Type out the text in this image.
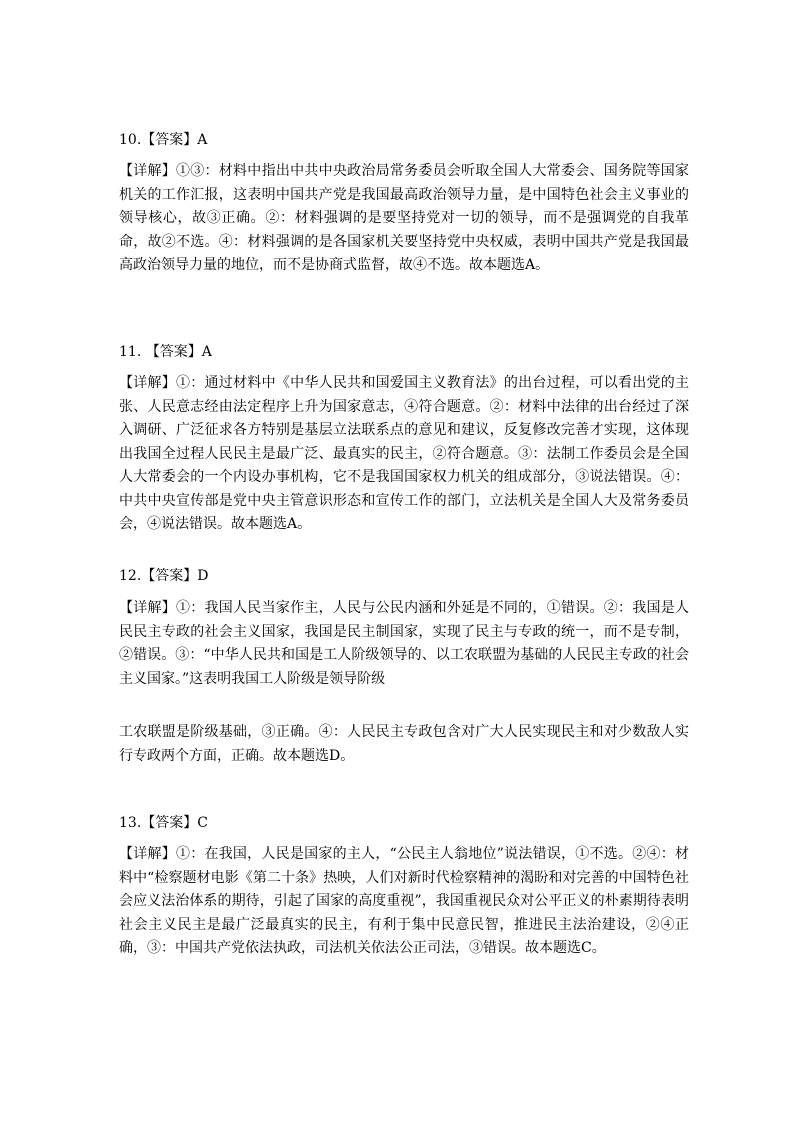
10.【答案】A
【详解】①③：材料中指出中共中央政治局常务委员会听取全国人大常委会、国务院等国家机关的工作汇报，这表明中国共产党是我国最高政治领导力量，是中国特色社会主义事业的领导核心，故③正确。②：材料强调的是要坚持党对一切的领导，而不是强调党的自我革命，故②不选。④：材料强调的是各国家机关要坚持党中央权威，表明中国共产党是我国最高政治领导力量的地位，而不是协商式监督，故④不选。故本题选A。
11. 【答案】A
【详解】①：通过材料中《中华人民共和国爱国主义教育法》的出台过程，可以看出党的主张、人民意志经由法定程序上升为国家意志，④符合题意。②：材料中法律的出台经过了深入调研、广泛征求各方特别是基层立法联系点的意见和建议，反复修改完善才实现，这体现出我国全过程人民民主是最广泛、最真实的民主，②符合题意。③：法制工作委员会是全国人大常委会的一个内设办事机构，它不是我国国家权力机关的组成部分，③说法错误。④：中共中央宣传部是党中央主管意识形态和宣传工作的部门，立法机关是全国人大及常务委员会，④说法错误。故本题选A。
12.【答案】D
【详解】①：我国人民当家作主，人民与公民内涵和外延是不同的，①错误。②：我国是人民民主专政的社会主义国家，我国是民主制国家，实现了民主与专政的统一，而不是专制，②错误。③：“中华人民共和国是工人阶级领导的、以工农联盟为基础的人民民主专政的社会主义国家。”这表明我国工人阶级是领导阶级
工农联盟是阶级基础，③正确。④：人民民主专政包含对广大人民实现民主和对少数敌人实行专政两个方面，正确。故本题选D。
13.【答案】C
【详解】①：在我国，人民是国家的主人，“公民主人翁地位”说法错误，①不选。②④：材料中“检察题材电影《第二十条》热映，人们对新时代检察精神的渴盼和对完善的中国特色社会应义法治体系的期待，引起了国家的高度重视”，我国重视民众对公平正义的朴素期待表明社会主义民主是最广泛最真实的民主，有利于集中民意民智，推进民主法治建设，②④正确，③：中国共产党依法执政，司法机关依法公正司法，③错误。故本题选C。
